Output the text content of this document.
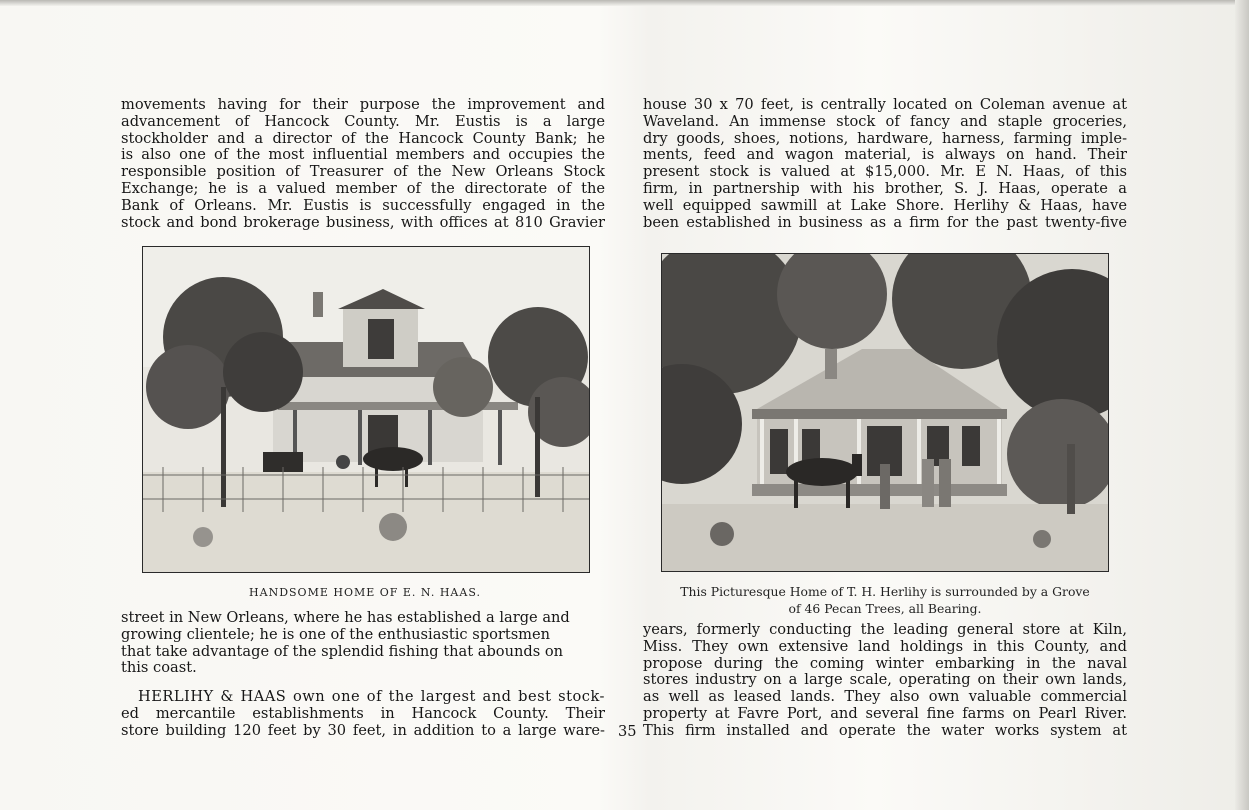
movements having for their purpose the improvement and
advancement of Hancock County. Mr. Eustis is a large
stockholder and a director of the Hancock County Bank; he
is also one of the most influential members and occupies the
responsible position of Treasurer of the New Orleans Stock
Exchange; he is a valued member of the directorate of the
Bank of Orleans. Mr. Eustis is successfully engaged in the
stock and bond brokerage business, with offices at 810 Gravier
HANDSOME HOME OF E. N. HAAS.
street in New Orleans, where he has established a large and
growing clientele; he is one of the enthusiastic sportsmen
that take advantage of the splendid fishing that abounds on
this coast.
HERLIHY & HAAS own one of the largest and best stock-
ed mercantile establishments in Hancock County. Their
store building 120 feet by 30 feet, in addition to a large ware- 35
house 30 x 70 feet, is centrally located on Coleman avenue at
Waveland. An immense stock of fancy and staple groceries,
dry goods, shoes, notions, hardware, harness, farming imple-
ments, feed and wagon material, is always on hand. Their
present stock is valued at $15,000. Mr. E N. Haas, of this
firm, in partnership with his brother, S. J. Haas, operate a
well equipped sawmill at Lake Shore. Herlihy & Haas, have
been established in business as a firm for the past twenty-five
This Picturesque Home of T. H. Herlihy is surrounded by a Grove
of 46 Pecan Trees, all Bearing.
years, formerly conducting the leading general store at Kiln,
Miss. They own extensive land holdings in this County, and
propose during the coming winter embarking in the naval
stores industry on a large scale, operating on their own lands,
as well as leased lands. They also own valuable commercial
property at Favre Port, and several fine farms on Pearl River.
This firm installed and operate the water works system at
